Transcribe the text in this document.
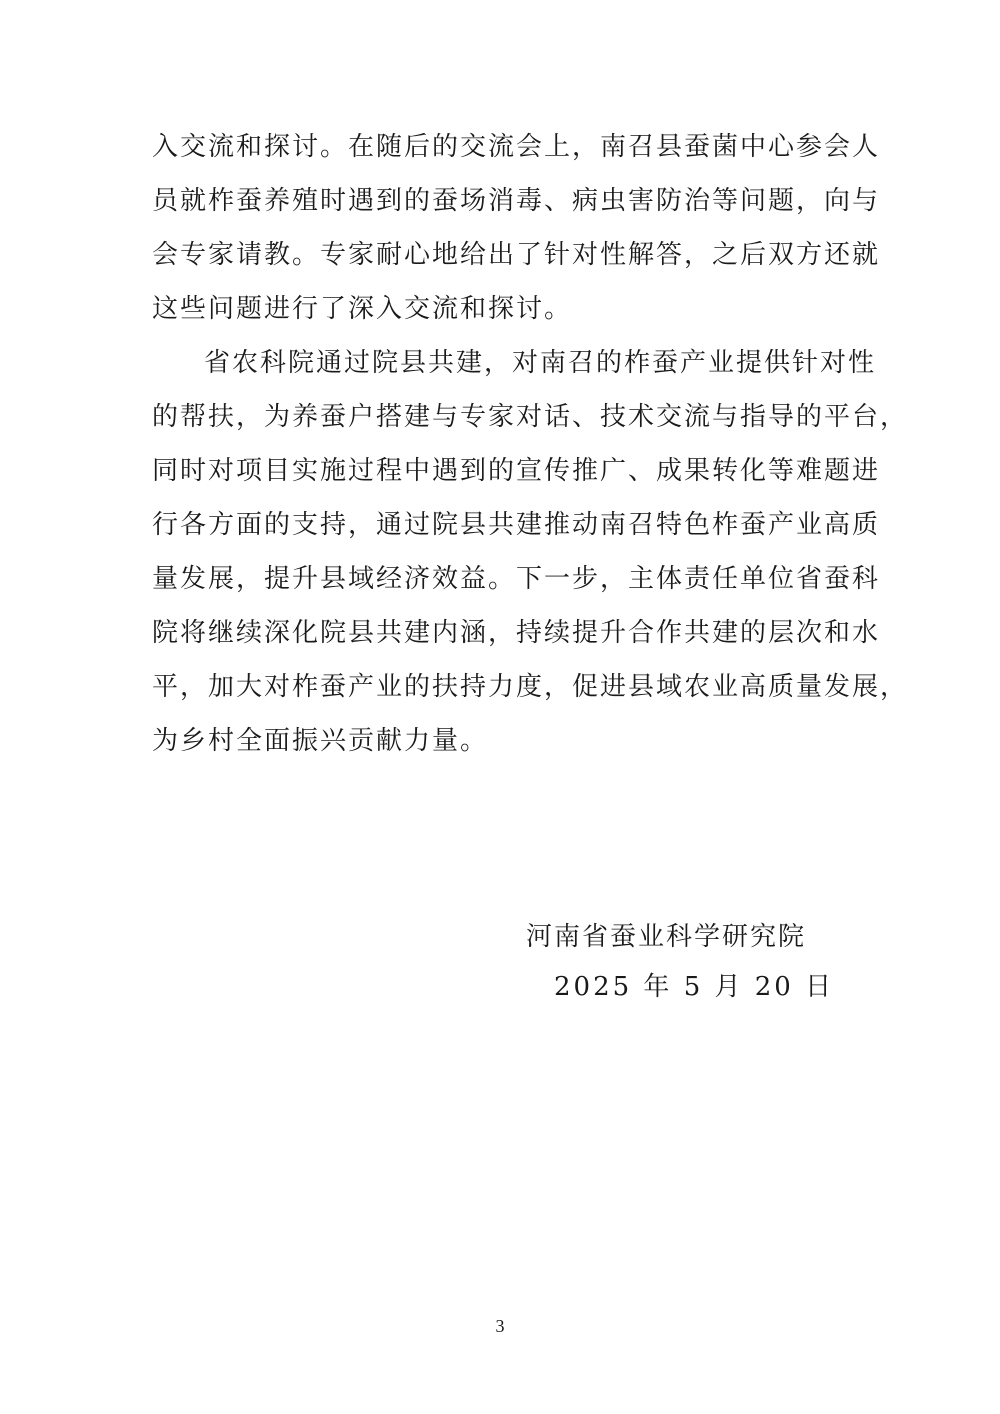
入交流和探讨。在随后的交流会上，南召县蚕菌中心参会人
员就柞蚕养殖时遇到的蚕场消毒、病虫害防治等问题，向与
会专家请教。专家耐心地给出了针对性解答，之后双方还就
这些问题进行了深入交流和探讨。
省农科院通过院县共建，对南召的柞蚕产业提供针对性
的帮扶，为养蚕户搭建与专家对话、技术交流与指导的平台，
同时对项目实施过程中遇到的宣传推广、成果转化等难题进
行各方面的支持，通过院县共建推动南召特色柞蚕产业高质
量发展，提升县域经济效益。下一步，主体责任单位省蚕科
院将继续深化院县共建内涵，持续提升合作共建的层次和水
平，加大对柞蚕产业的扶持力度，促进县域农业高质量发展，
为乡村全面振兴贡献力量。
河南省蚕业科学研究院
2025 年 5 月 20 日
3
